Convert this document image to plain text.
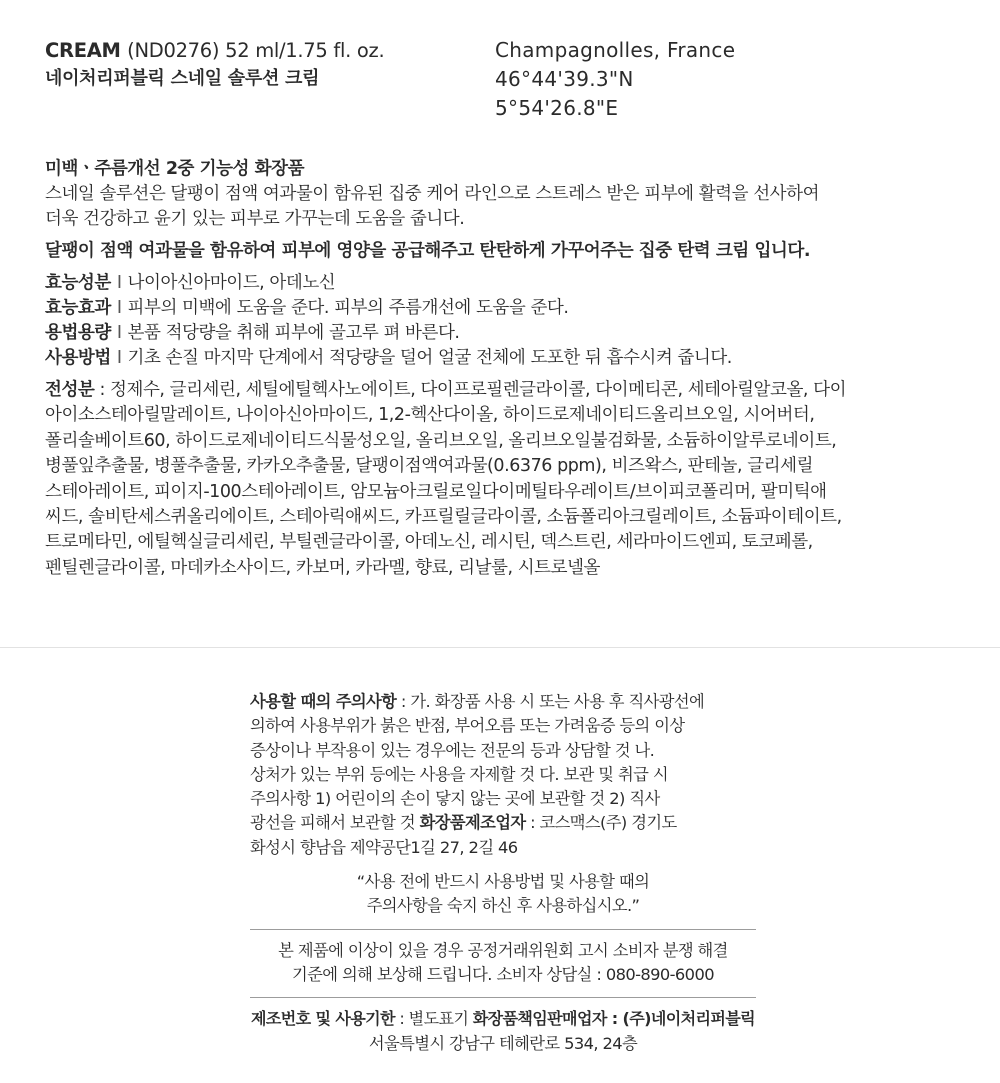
CREAM (ND0276) 52 ml/1.75 fl. oz.
네이처리퍼블릭 스네일 솔루션 크림
Champagnolles, France
46°44'39.3"N
5°54'26.8"E
미백ㆍ주름개선 2중 기능성 화장품
스네일 솔루션은 달팽이 점액 여과물이 함유된 집중 케어 라인으로 스트레스 받은 피부에 활력을 선사하여
더욱 건강하고 윤기 있는 피부로 가꾸는데 도움을 줍니다.
달팽이 점액 여과물을 함유하여 피부에 영양을 공급해주고 탄탄하게 가꾸어주는 집중 탄력 크림 입니다.
효능성분 I 나이아신아마이드, 아데노신
효능효과 I 피부의 미백에 도움을 준다. 피부의 주름개선에 도움을 준다.
용법용량 I 본품 적당량을 취해 피부에 골고루 펴 바른다.
사용방법 I 기초 손질 마지막 단계에서 적당량을 덜어 얼굴 전체에 도포한 뒤 흡수시켜 줍니다.
전성분 : 정제수, 글리세린, 세틸에틸헥사노에이트, 다이프로필렌글라이콜, 다이메티콘, 세테아릴알코올, 다이
아이소스테아릴말레이트, 나이아신아마이드, 1,2-헥산다이올, 하이드로제네이티드올리브오일, 시어버터,
폴리솔베이트60, 하이드로제네이티드식물성오일, 올리브오일, 올리브오일불검화물, 소듐하이알루로네이트,
병풀잎추출물, 병풀추출물, 카카오추출물, 달팽이점액여과물(0.6376 ppm), 비즈왁스, 판테놀, 글리세릴
스테아레이트, 피이지-100스테아레이트, 암모늄아크릴로일다이메틸타우레이트/브이피코폴리머, 팔미틱애
씨드, 솔비탄세스퀴올리에이트, 스테아릭애씨드, 카프릴릴글라이콜, 소듐폴리아크릴레이트, 소듐파이테이트,
트로메타민, 에틸헥실글리세린, 부틸렌글라이콜, 아데노신, 레시틴, 덱스트린, 세라마이드엔피, 토코페롤,
펜틸렌글라이콜, 마데카소사이드, 카보머, 카라멜, 향료, 리날룰, 시트로넬올
사용할 때의 주의사항 : 가. 화장품 사용 시 또는 사용 후 직사광선에
의하여 사용부위가 붉은 반점, 부어오름 또는 가려움증 등의 이상
증상이나 부작용이 있는 경우에는 전문의 등과 상담할 것 나.
상처가 있는 부위 등에는 사용을 자제할 것 다. 보관 및 취급 시
주의사항 1) 어린이의 손이 닿지 않는 곳에 보관할 것 2) 직사
광선을 피해서 보관할 것 화장품제조업자 : 코스맥스(주) 경기도
화성시 향남읍 제약공단1길 27, 2길 46
“사용 전에 반드시 사용방법 및 사용할 때의
주의사항을 숙지 하신 후 사용하십시오.”
본 제품에 이상이 있을 경우 공정거래위원회 고시 소비자 분쟁 해결
기준에 의해 보상해 드립니다. 소비자 상담실 : 080-890-6000
제조번호 및 사용기한 : 별도표기 화장품책임판매업자 : (주)네이처리퍼블릭
서울특별시 강남구 테헤란로 534, 24층
